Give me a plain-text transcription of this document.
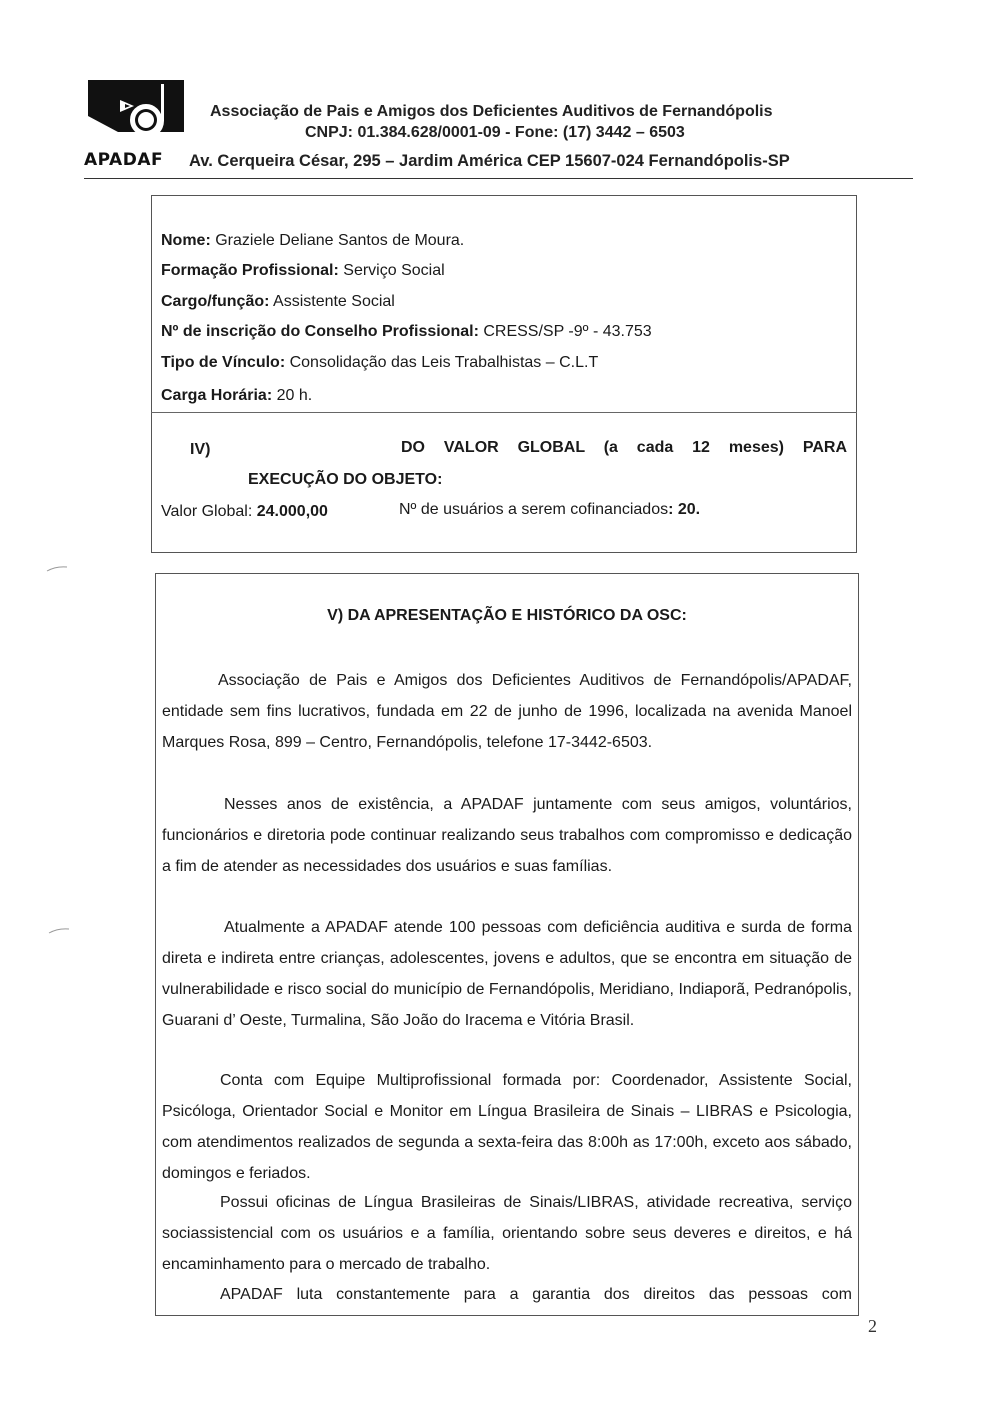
APADAF
Associação de Pais e Amigos dos Deficientes Auditivos de Fernandópolis
CNPJ: 01.384.628/0001-09 - Fone: (17) 3442 – 6503
Av. Cerqueira César, 295 – Jardim América CEP 15607-024 Fernandópolis-SP
Nome: Graziele Deliane Santos de Moura.
Formação Profissional: Serviço Social
Cargo/função: Assistente Social
Nº de inscrição do Conselho Profissional: CRESS/SP -9º - 43.753
Tipo de Vínculo: Consolidação das Leis Trabalhistas – C.L.T
Carga Horária: 20 h.
IV)	DO VALOR GLOBAL (a cada 12 meses) PARA
EXECUÇÃO DO OBJETO:
Valor Global: 24.000,00	Nº de usuários a serem cofinanciados: 20.
V) DA APRESENTAÇÃO E HISTÓRICO DA OSC:

Associação de Pais e Amigos dos Deficientes Auditivos de Fernandópolis/APADAF, entidade sem fins lucrativos, fundada em 22 de junho de 1996, localizada na avenida Manoel Marques Rosa, 899 – Centro, Fernandópolis, telefone 17-3442-6503.

Nesses anos de existência, a APADAF juntamente com seus amigos, voluntários, funcionários e diretoria pode continuar realizando seus trabalhos com compromisso e dedicação a fim de atender as necessidades dos usuários e suas famílias.

Atualmente a APADAF atende 100 pessoas com deficiência auditiva e surda de forma direta e indireta entre crianças, adolescentes, jovens e adultos, que se encontra em situação de vulnerabilidade e risco social do município de Fernandópolis, Meridiano, Indiaporã, Pedranópolis, Guarani d’ Oeste, Turmalina, São João do Iracema e Vitória Brasil.

Conta com Equipe Multiprofissional formada por: Coordenador, Assistente Social, Psicóloga, Orientador Social e Monitor em Língua Brasileira de Sinais – LIBRAS e Psicologia, com atendimentos realizados de segunda a sexta-feira das 8:00h as 17:00h, exceto aos sábado, domingos e feriados.

Possui oficinas de Língua Brasileiras de Sinais/LIBRAS, atividade recreativa, serviço sociassistencial com os usuários e a família, orientando sobre seus deveres e direitos, e há encaminhamento para o mercado de trabalho.

APADAF luta constantemente para a garantia dos direitos das pessoas com

2
